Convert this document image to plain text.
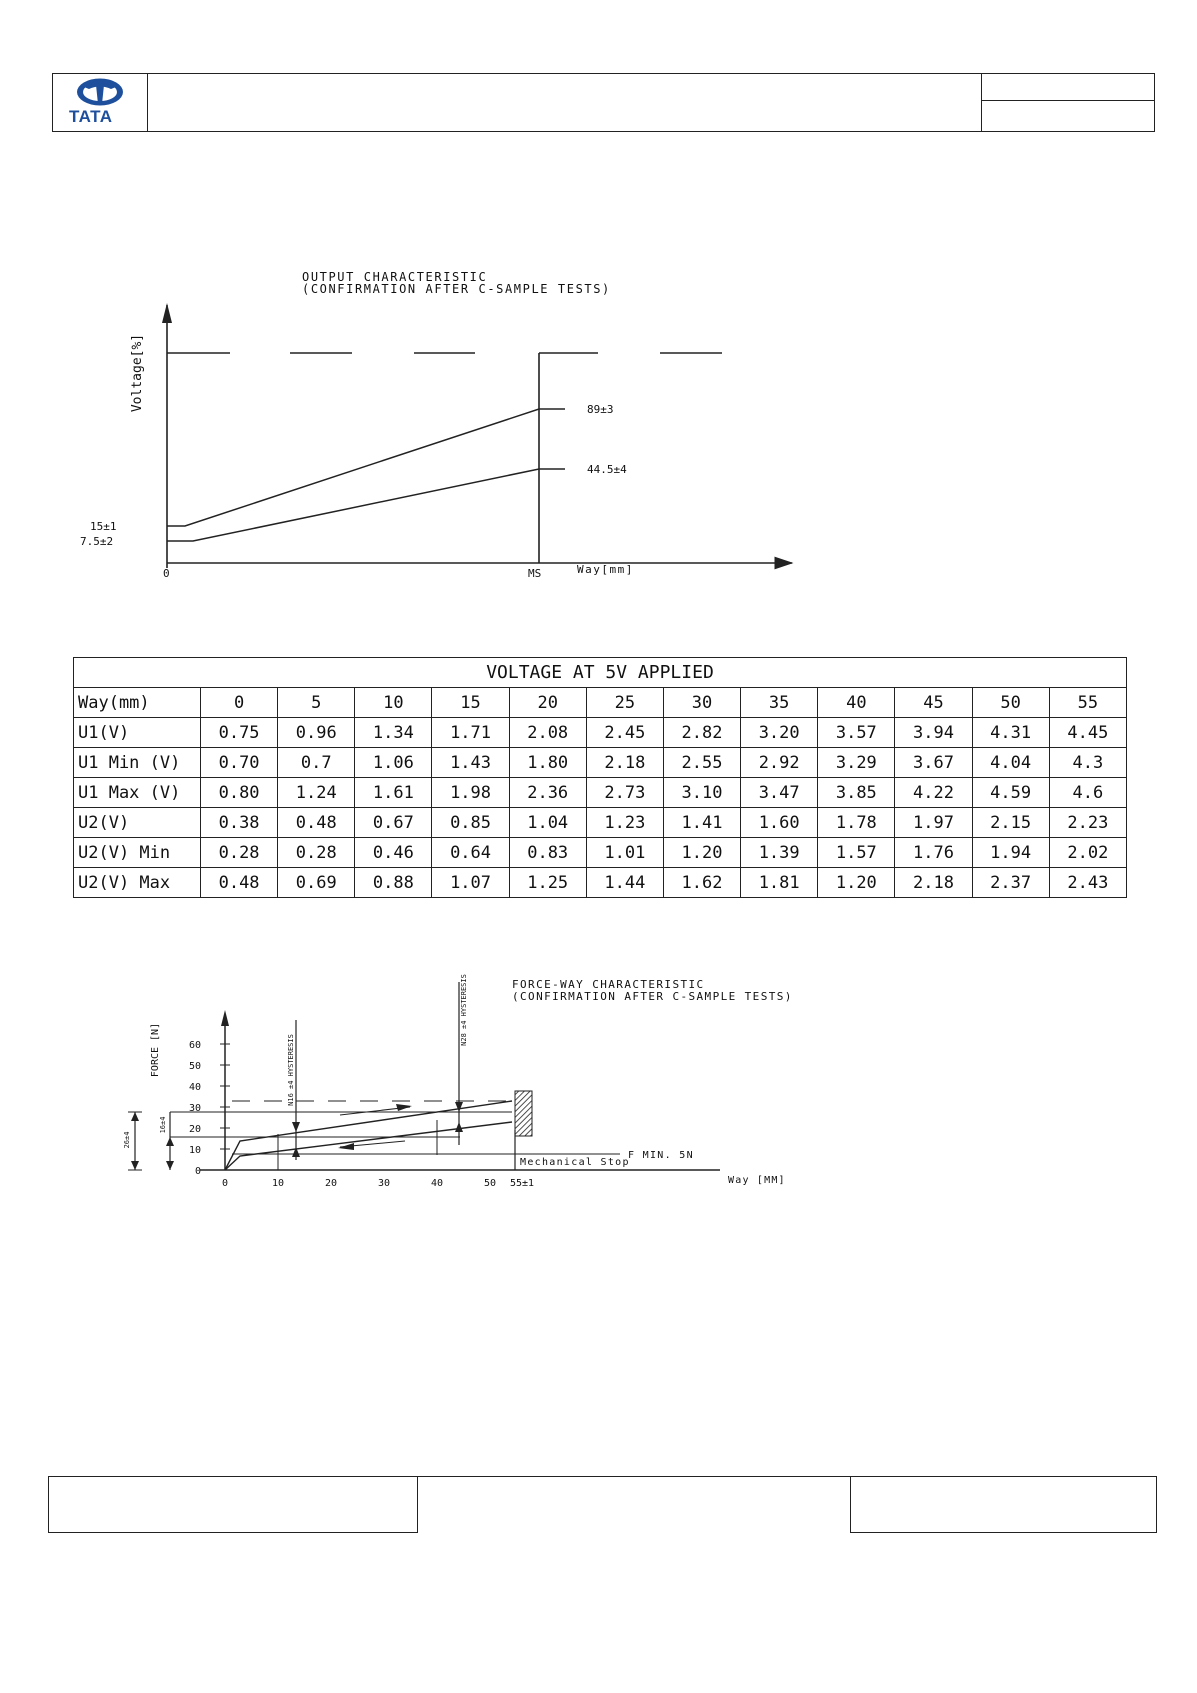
TATA
OUTPUT CHARACTERISTIC
(CONFIRMATION AFTER C-SAMPLE TESTS)
Voltage[%]
0	MS	Way[mm]
15±1
7.5±2
89±3
44.5±4
VOLTAGE AT 5V APPLIED												
Way(mm)	0	5	10	15	20	25	30	35	40	45	50	55
U1(V)	0.75	0.96	1.34	1.71	2.08	2.45	2.82	3.20	3.57	3.94	4.31	4.45
U1 Min (V)	0.70	0.7	1.06	1.43	1.80	2.18	2.55	2.92	3.29	3.67	4.04	4.3
U1 Max (V)	0.80	1.24	1.61	1.98	2.36	2.73	3.10	3.47	3.85	4.22	4.59	4.6
U2(V)	0.38	0.48	0.67	0.85	1.04	1.23	1.41	1.60	1.78	1.97	2.15	2.23
U2(V) Min	0.28	0.28	0.46	0.64	0.83	1.01	1.20	1.39	1.57	1.76	1.94	2.02
U2(V) Max	0.48	0.69	0.88	1.07	1.25	1.44	1.62	1.81	1.20	2.18	2.37	2.43
FORCE-WAY CHARACTERISTIC
(CONFIRMATION AFTER C-SAMPLE TESTS)
FORCE [N]
0
10
20
30
40
50
60
0	10	20	30	40	50 55±1	Way [MM]
N16 ±4 HYSTERESIS
N28 ±4 HYSTERESIS
26±4
16±4
F MIN. 5N
Mechanical Stop
